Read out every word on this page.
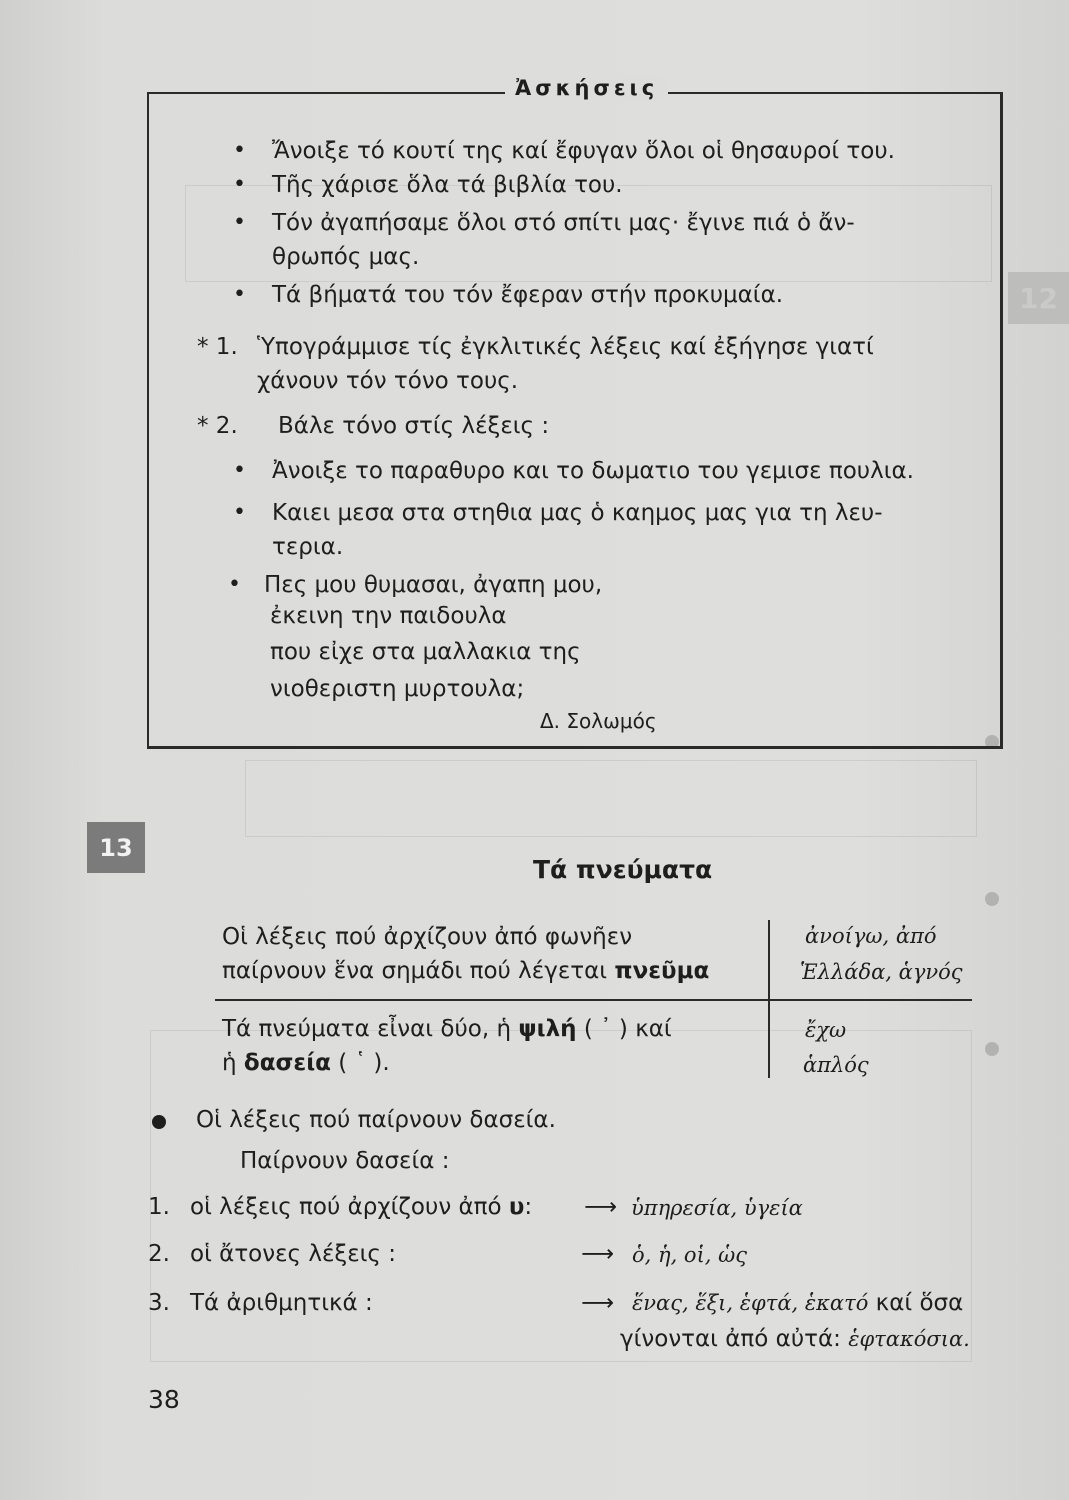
12
Ἀσκήσεις
• Ἄνοιξε τό κουτί της καί ἔφυγαν ὅλοι οἱ θησαυροί του.
• Τῆς χάρισε ὅλα τά βιβλία του.
• Τόν ἀγαπήσαμε ὅλοι στό σπίτι μας· ἔγινε πιά ὁ ἄν-
θρωπός μας.
• Τά βήματά του τόν ἔφεραν στήν προκυμαία.
* 1. Ὑπογράμμισε τίς ἐγκλιτικές λέξεις καί ἐξήγησε γιατί
χάνουν τόν τόνο τους.
* 2. Βάλε τόνο στίς λέξεις :
• Ἀνοιξε το παραθυρο και το δωματιο του γεμισε πουλια.
• Καιει μεσα στα στηθια μας ὁ καημος μας για τη λευ-
τερια.
• Πες μου θυμασαι, ἀγαπη μου,
ἐκεινη την παιδουλα
που εἰχε στα μαλλακια της
νιοθεριστη μυρτουλα;
Δ. Σολωμός
13
Τά πνεύματα
Οἱ λέξεις πού ἀρχίζουν ἀπό φωνῆεν
παίρνουν ἕνα σημάδι πού λέγεται πνεῦμα
ἀνοίγω, ἀπό
Ἑλλάδα, ἁγνός
Τά πνεύματα εἶναι δύο, ἡ ψιλή ( ᾿ ) καί
ἡ δασεία ( ῾ ).
ἔχω
ἁπλός
Οἱ λέξεις πού παίρνουν δασεία.
Παίρνουν δασεία :
1. οἱ λέξεις πού ἀρχίζουν ἀπό υ: ⟶ ὑπηρεσία, ὑγεία
2. οἱ ἄτονες λέξεις :	⟶ ὁ, ἡ, οἱ, ὡς
3. Τά ἀριθμητικά :	⟶ ἕνας, ἕξι, ἑφτά, ἑκατό καί ὅσα
γίνονται ἀπό αὐτά: ἑφτακόσια.
38
